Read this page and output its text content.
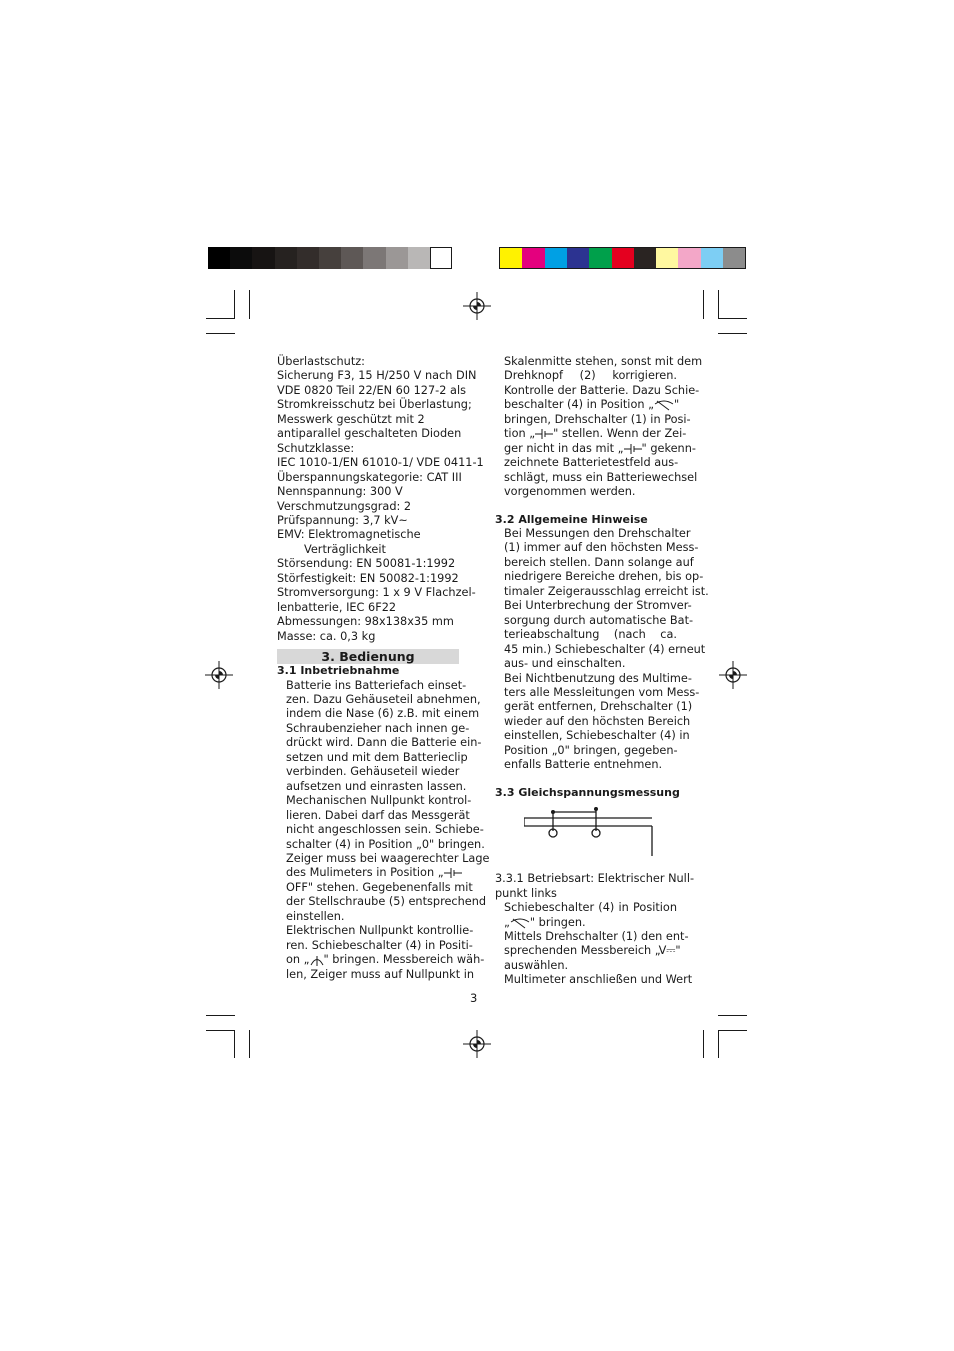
Überlastschutz:
Sicherung F3, 15 H/250 V nach DIN
VDE 0820 Teil 22/EN 60 127-2 als
Stromkreisschutz bei Überlastung;
Messwerk geschützt mit 2
antiparallel geschalteten Dioden
Schutzklasse:
IEC 1010-1/EN 61010-1/ VDE 0411-1
Überspannungskategorie: CAT III
Nennspannung: 300 V
Verschmutzungsgrad: 2
Prüfspannung: 3,7 kV~
EMV: Elektromagnetische
Verträglichkeit
Störsendung: EN 50081-1:1992
Störfestigkeit: EN 50082-1:1992
Stromversorgung: 1 x 9 V Flachzel-
lenbatterie, IEC 6F22
Abmessungen: 98x138x35 mm
Masse: ca. 0,3 kg
3. Bedienung
3.1 Inbetriebnahme
Batterie ins Batteriefach einset-
zen. Dazu Gehäuseteil abnehmen,
indem die Nase (6) z.B. mit einem
Schraubenzieher nach innen ge-
drückt wird. Dann die Batterie ein-
setzen und mit dem Batterieclip
verbinden. Gehäuseteil wieder
aufsetzen und einrasten lassen.
Mechanischen Nullpunkt kontrol-
lieren. Dabei darf das Messgerät
nicht angeschlossen sein. Schiebe-
schalter (4) in Position „0" bringen.
Zeiger muss bei waagerechter Lage
des Mulimeters in Position „
OFF" stehen. Gegebenenfalls mit
der Stellschraube (5) entsprechend
einstellen.
Elektrischen Nullpunkt kontrollie-
ren. Schiebeschalter (4) in Positi-
on „ " bringen. Messbereich wäh-
len, Zeiger muss auf Nullpunkt in
Skalenmitte stehen, sonst mit dem
Drehknopf (2) korrigieren.
Kontrolle der Batterie. Dazu Schie-
beschalter (4) in Position „ "
bringen, Drehschalter (1) in Posi-
tion „ " stellen. Wenn der Zei-
ger nicht in das mit „ " gekenn-
zeichnete Batterietestfeld aus-
schlägt, muss ein Batteriewechsel
vorgenommen werden.
3.2 Allgemeine Hinweise
Bei Messungen den Drehschalter
(1) immer auf den höchsten Mess-
bereich stellen. Dann solange auf
niedrigere Bereiche drehen, bis op-
timaler Zeigerausschlag erreicht ist.
Bei Unterbrechung der Stromver-
sorgung durch automatische Bat-
terieabschaltung (nach ca.
45 min.) Schiebeschalter (4) erneut
aus- und einschalten.
Bei Nichtbenutzung des Multime-
ters alle Messleitungen vom Mess-
gerät entfernen, Drehschalter (1)
wieder auf den höchsten Bereich
einstellen, Schiebeschalter (4) in
Position „0" bringen, gegeben-
enfalls Batterie entnehmen.
3.3 Gleichspannungsmessung
3.3.1 Betriebsart: Elektrischer Null-
punkt links
Schiebeschalter (4) in Position
„ " bringen.
Mittels Drehschalter (1) den ent-
sprechenden Messbereich „V⎓"
auswählen.
Multimeter anschließen und Wert
3
